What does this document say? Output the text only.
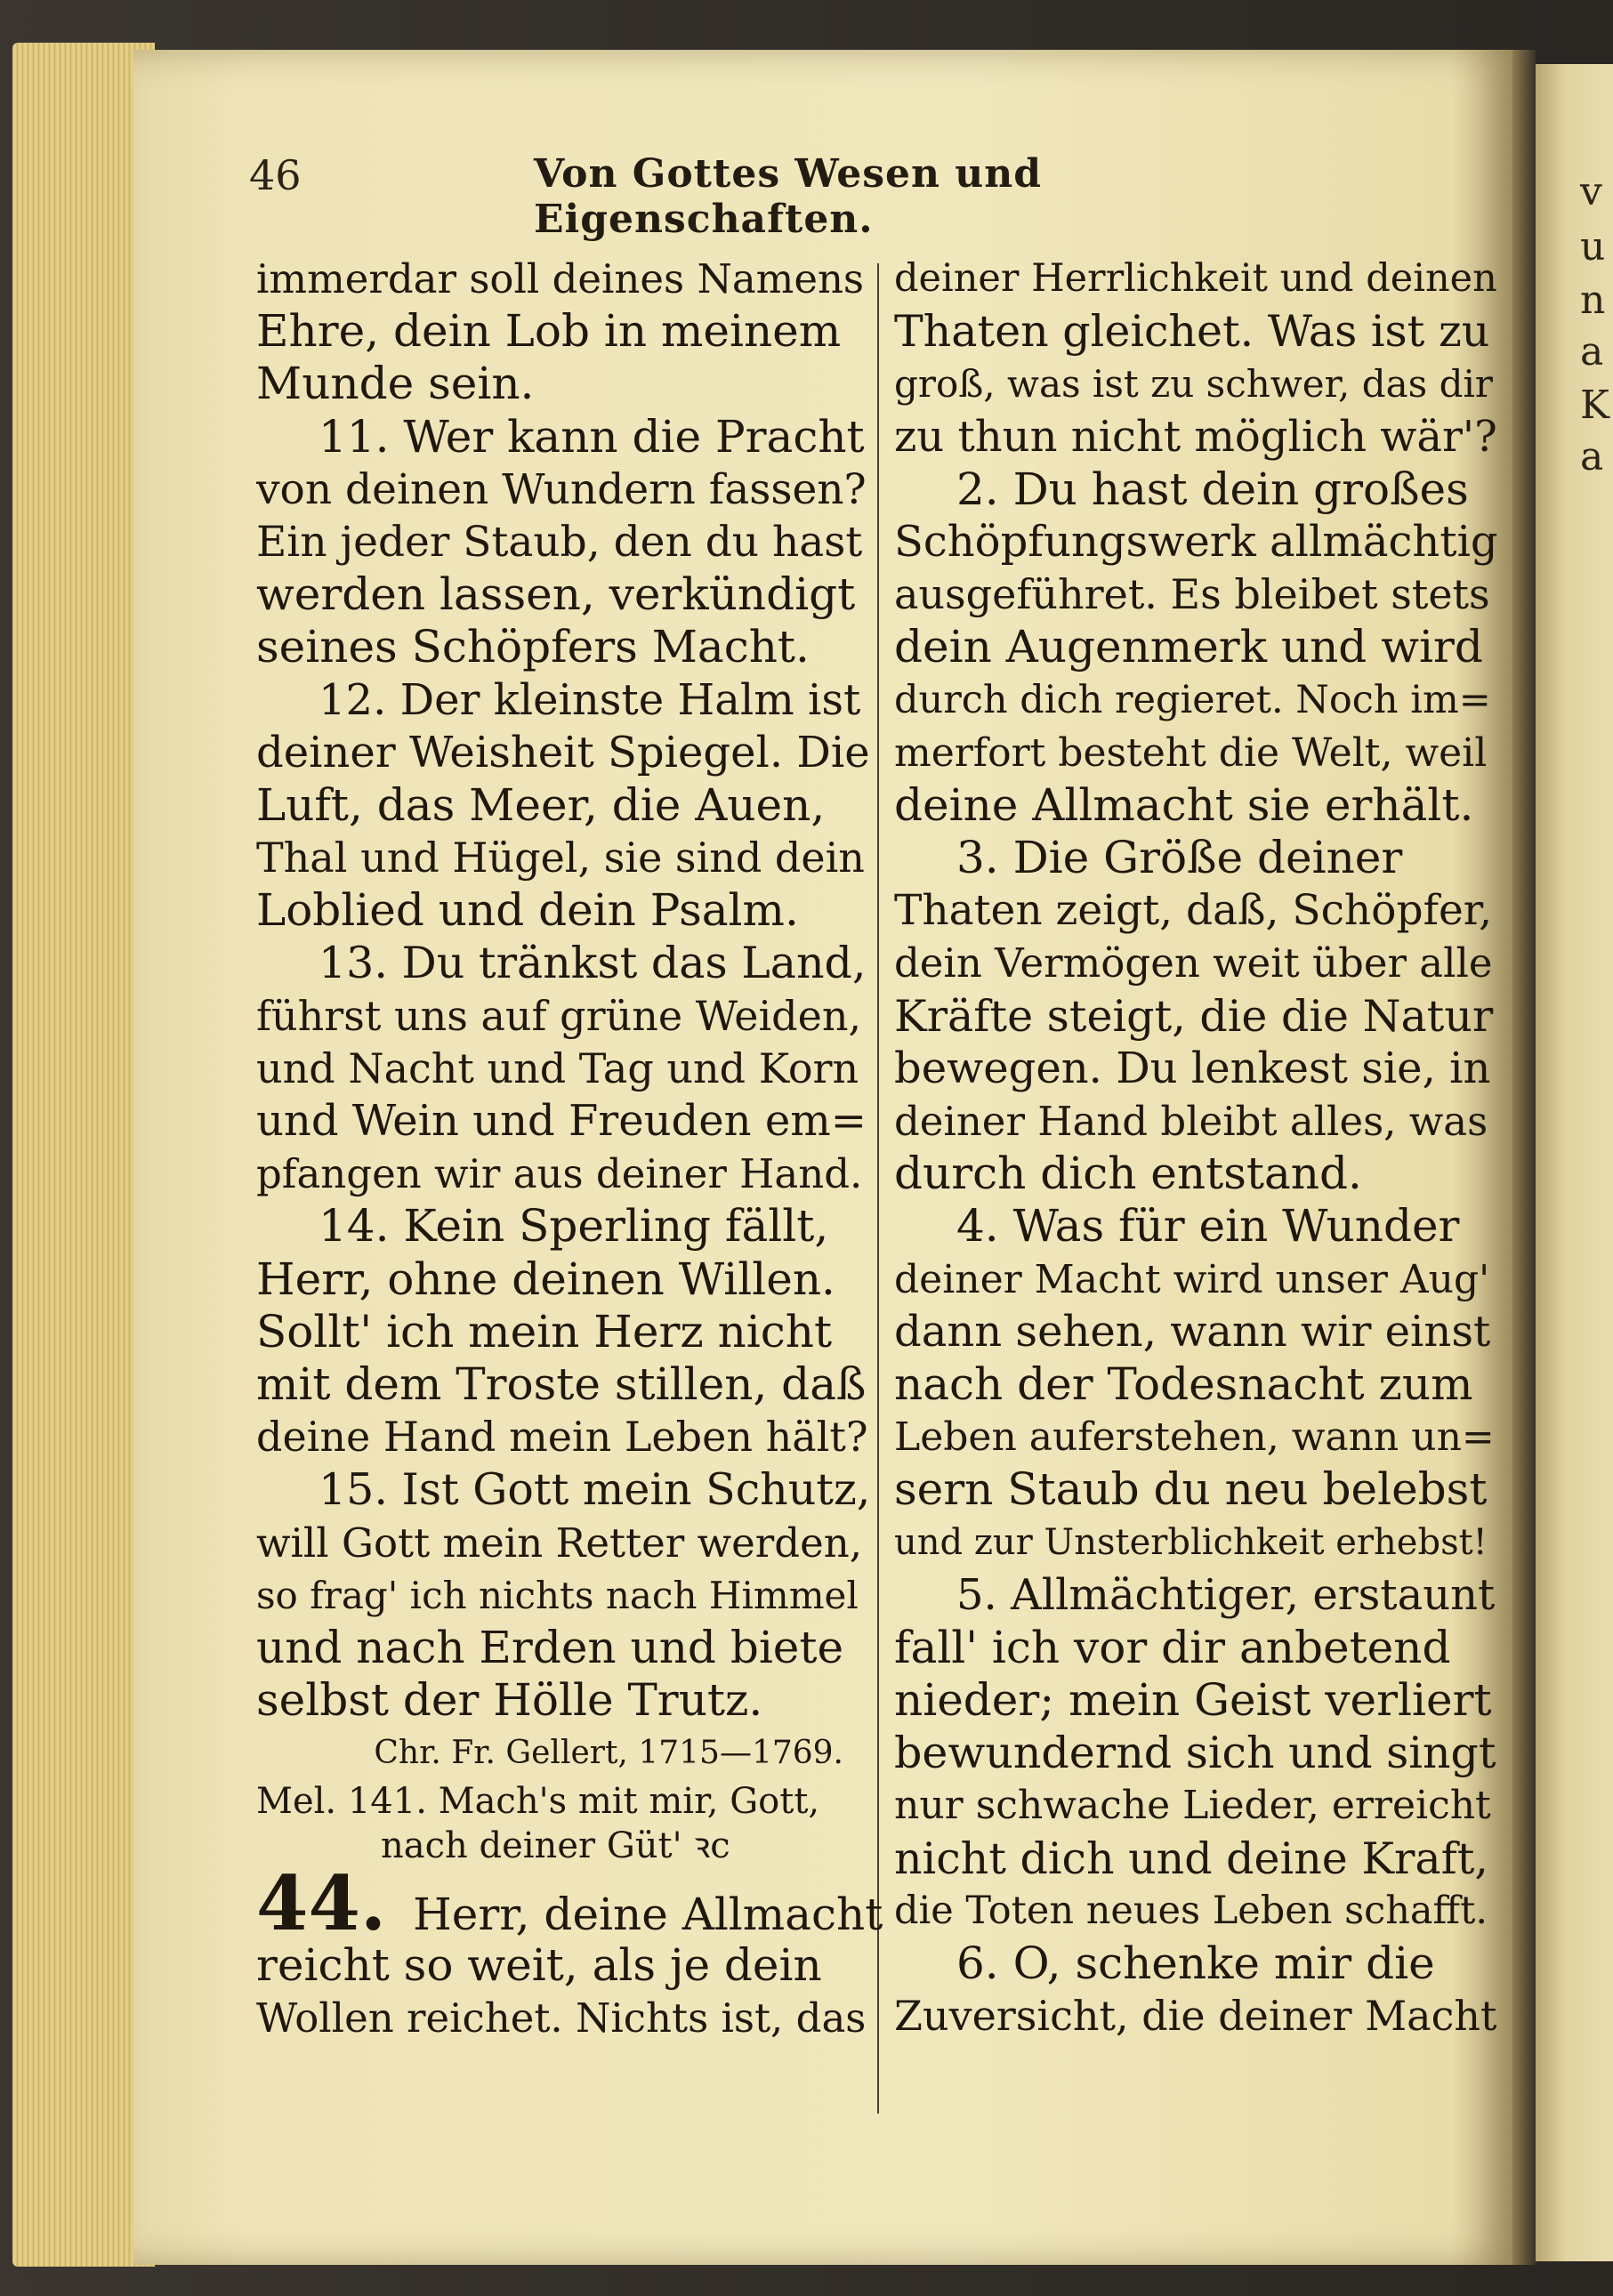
v
u
n
a
K
a
46	Von Gottes Wesen und Eigenschaften.
immerdar soll deines Namens
Ehre, dein Lob in meinem
Munde sein.
11. Wer kann die Pracht
von deinen Wundern fassen?
Ein jeder Staub, den du hast
werden lassen, verkündigt
seines Schöpfers Macht.
12. Der kleinste Halm ist
deiner Weisheit Spiegel. Die
Luft, das Meer, die Auen,
Thal und Hügel, sie sind dein
Loblied und dein Psalm.
13. Du tränkst das Land,
führst uns auf grüne Weiden,
und Nacht und Tag und Korn
und Wein und Freuden em=
pfangen wir aus deiner Hand.
14. Kein Sperling fällt,
Herr, ohne deinen Willen.
Sollt' ich mein Herz nicht
mit dem Troste stillen, daß
deine Hand mein Leben hält?
15. Ist Gott mein Schutz,
will Gott mein Retter werden,
so frag' ich nichts nach Himmel
und nach Erden und biete
selbst der Hölle Trutz.
Chr. Fr. Gellert, 1715—1769.
Mel. 141. Mach's mit mir, Gott,
nach deiner Güt' ꝛc
44. Herr, deine Allmacht
reicht so weit, als je dein
Wollen reichet. Nichts ist, das
deiner Herrlichkeit und deinen
Thaten gleichet. Was ist zu
groß, was ist zu schwer, das dir
zu thun nicht möglich wär'?
2. Du hast dein großes
Schöpfungswerk allmächtig
ausgeführet. Es bleibet stets
dein Augenmerk und wird
durch dich regieret. Noch im=
merfort besteht die Welt, weil
deine Allmacht sie erhält.
3. Die Größe deiner
Thaten zeigt, daß, Schöpfer,
dein Vermögen weit über alle
Kräfte steigt, die die Natur
bewegen. Du lenkest sie, in
deiner Hand bleibt alles, was
durch dich entstand.
4. Was für ein Wunder
deiner Macht wird unser Aug'
dann sehen, wann wir einst
nach der Todesnacht zum
Leben auferstehen, wann un=
sern Staub du neu belebst
und zur Unsterblichkeit erhebst!
5. Allmächtiger, erstaunt
fall' ich vor dir anbetend
nieder; mein Geist verliert
bewundernd sich und singt
nur schwache Lieder, erreicht
nicht dich und deine Kraft,
die Toten neues Leben schafft.
6. O, schenke mir die
Zuversicht, die deiner Macht
